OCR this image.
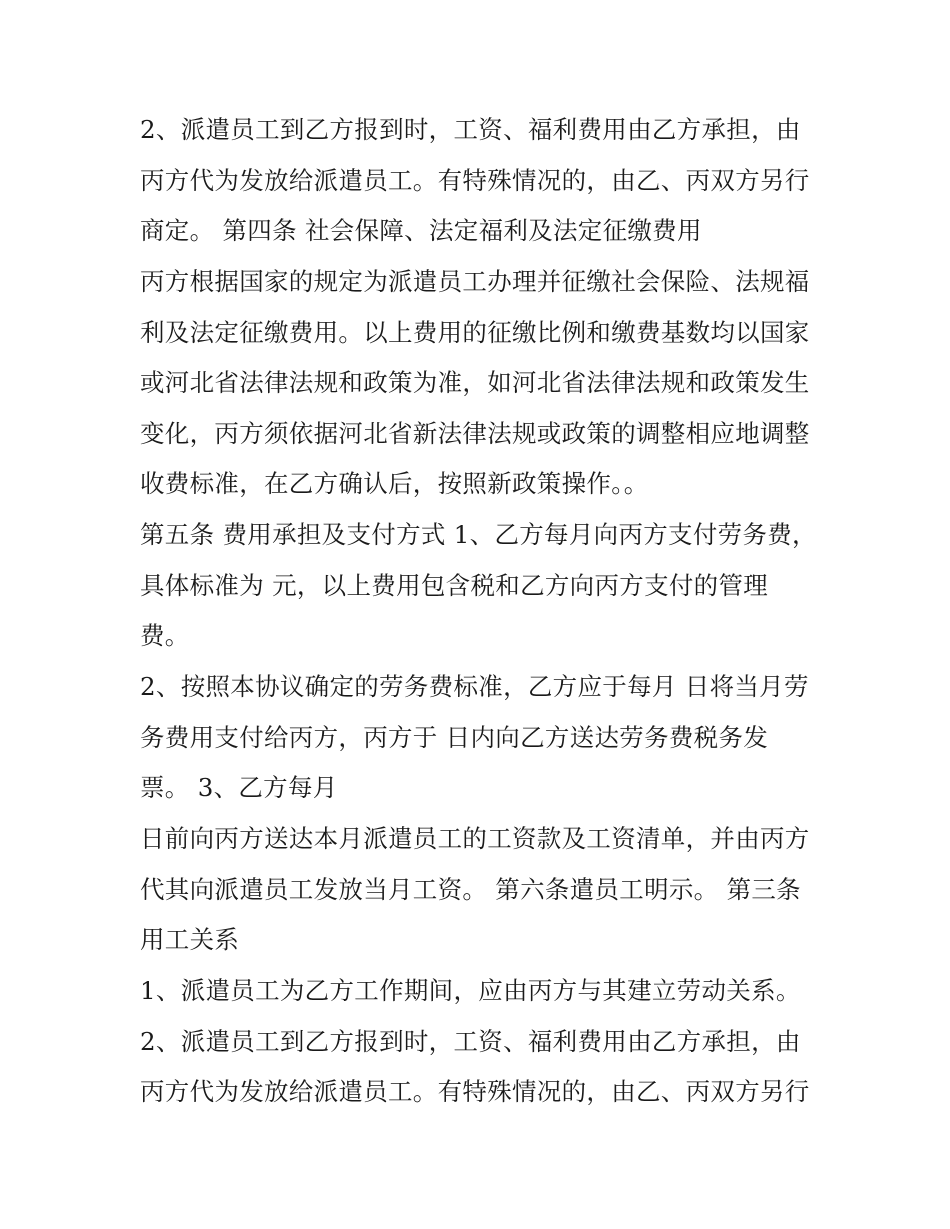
2、派遣员工到乙方报到时，工资、福利费用由乙方承担，由
丙方代为发放给派遣员工。有特殊情况的，由乙、丙双方另行
商定。 第四条 社会保障、法定福利及法定征缴费用
丙方根据国家的规定为派遣员工办理并征缴社会保险、法规福
利及法定征缴费用。以上费用的征缴比例和缴费基数均以国家
或河北省法律法规和政策为准，如河北省法律法规和政策发生
变化，丙方须依据河北省新法律法规或政策的调整相应地调整
收费标准，在乙方确认后，按照新政策操作。。
第五条 费用承担及支付方式 1、乙方每月向丙方支付劳务费，
具体标准为 元，以上费用包含税和乙方向丙方支付的管理
费。
2、按照本协议确定的劳务费标准，乙方应于每月 日将当月劳
务费用支付给丙方，丙方于 日内向乙方送达劳务费税务发
票。 3、乙方每月
日前向丙方送达本月派遣员工的工资款及工资清单，并由丙方
代其向派遣员工发放当月工资。 第六条遣员工明示。 第三条
用工关系
1、派遣员工为乙方工作期间，应由丙方与其建立劳动关系。
2、派遣员工到乙方报到时，工资、福利费用由乙方承担，由
丙方代为发放给派遣员工。有特殊情况的，由乙、丙双方另行
